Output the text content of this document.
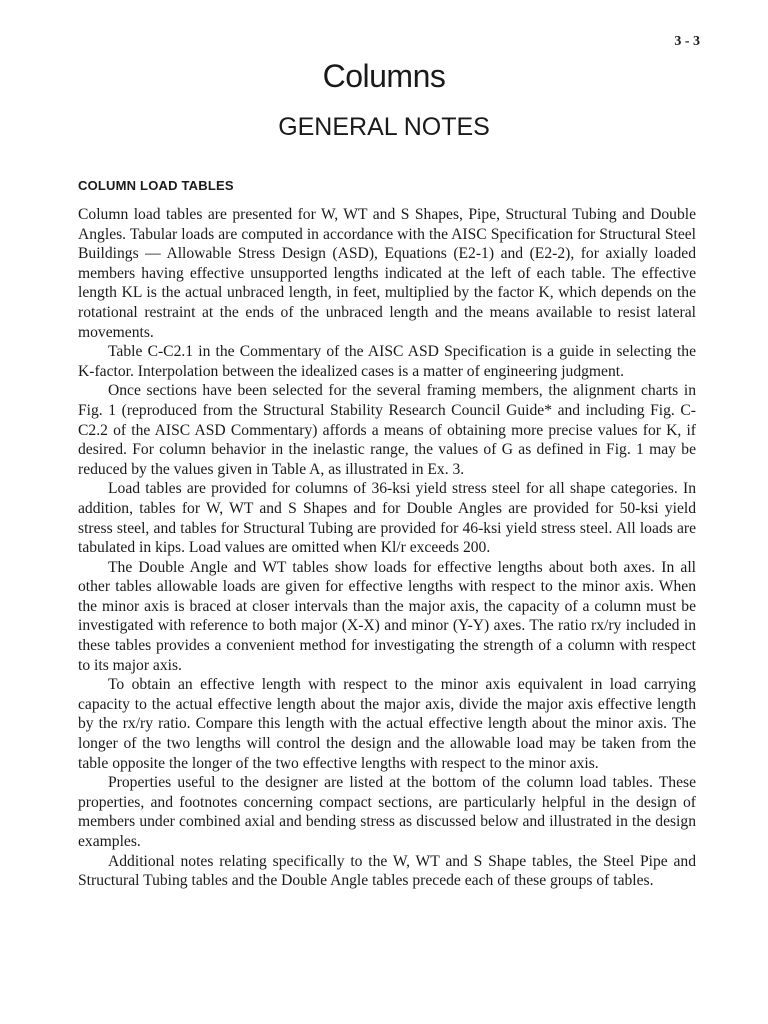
3 - 3
Columns
GENERAL NOTES
COLUMN LOAD TABLES

Column load tables are presented for W, WT and S Shapes, Pipe, Structural Tubing and Double Angles. Tabular loads are computed in accordance with the AISC Specification for Structural Steel Buildings — Allowable Stress Design (ASD), Equations (E2-1) and (E2-2), for axially loaded members having effective unsupported lengths indicated at the left of each table. The effective length KL is the actual unbraced length, in feet, multiplied by the factor K, which depends on the rotational restraint at the ends of the unbraced length and the means available to resist lateral movements.

Table C-C2.1 in the Commentary of the AISC ASD Specification is a guide in selecting the K-factor. Interpolation between the idealized cases is a matter of engineering judgment.

Once sections have been selected for the several framing members, the alignment charts in Fig. 1 (reproduced from the Structural Stability Research Council Guide* and including Fig. C-C2.2 of the AISC ASD Commentary) affords a means of obtaining more precise values for K, if desired. For column behavior in the inelastic range, the values of G as defined in Fig. 1 may be reduced by the values given in Table A, as illustrated in Ex. 3.

Load tables are provided for columns of 36-ksi yield stress steel for all shape categories. In addition, tables for W, WT and S Shapes and for Double Angles are provided for 50-ksi yield stress steel, and tables for Structural Tubing are provided for 46-ksi yield stress steel. All loads are tabulated in kips. Load values are omitted when Kl/r exceeds 200.

The Double Angle and WT tables show loads for effective lengths about both axes. In all other tables allowable loads are given for effective lengths with respect to the minor axis. When the minor axis is braced at closer intervals than the major axis, the capacity of a column must be investigated with reference to both major (X-X) and minor (Y-Y) axes. The ratio rx/ry included in these tables provides a convenient method for investigating the strength of a column with respect to its major axis.

To obtain an effective length with respect to the minor axis equivalent in load carrying capacity to the actual effective length about the major axis, divide the major axis effective length by the rx/ry ratio. Compare this length with the actual effective length about the minor axis. The longer of the two lengths will control the design and the allowable load may be taken from the table opposite the longer of the two effective lengths with respect to the minor axis.

Properties useful to the designer are listed at the bottom of the column load tables. These properties, and footnotes concerning compact sections, are particularly helpful in the design of members under combined axial and bending stress as discussed below and illustrated in the design examples.

Additional notes relating specifically to the W, WT and S Shape tables, the Steel Pipe and Structural Tubing tables and the Double Angle tables precede each of these groups of tables.
